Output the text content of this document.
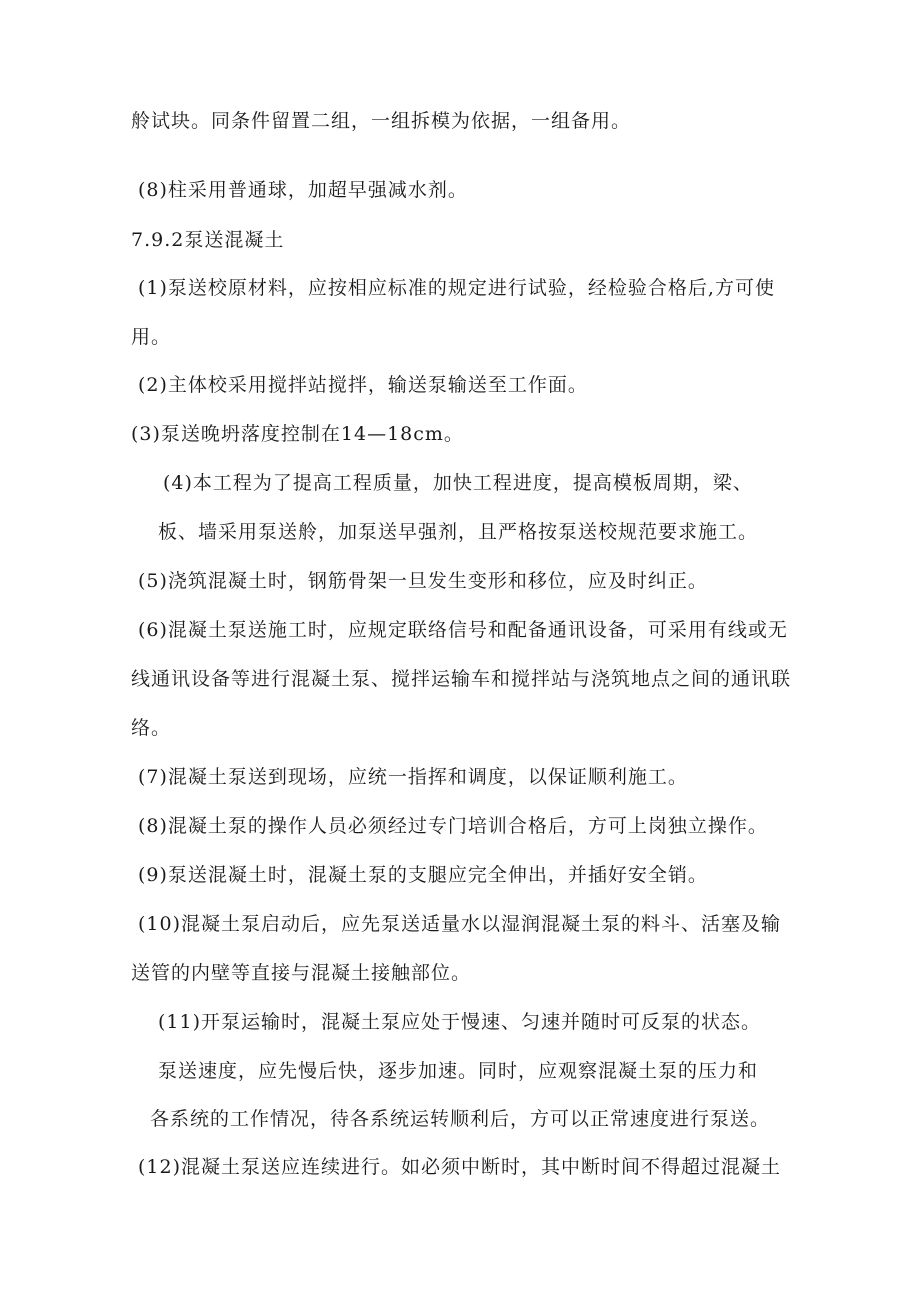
舲试块。同条件留置二组，一组拆模为依据，一组备用。
(8)柱采用普通球，加超早强减水剂。
7.9.2泵送混凝土
(1)泵送校原材料，应按相应标准的规定进行试验，经检验合格后,方可使
用。
(2)主体校采用搅拌站搅拌，输送泵输送至工作面。
(3)泵送晚坍落度控制在14—18cm。
(4)本工程为了提高工程质量，加快工程进度，提高模板周期，梁、
板、墙采用泵送舲，加泵送早强剂，且严格按泵送校规范要求施工。
(5)浇筑混凝土时，钢筋骨架一旦发生变形和移位，应及时纠正。
(6)混凝土泵送施工时，应规定联络信号和配备通讯设备，可采用有线或无
线通讯设备等进行混凝土泵、搅拌运输车和搅拌站与浇筑地点之间的通讯联
络。
(7)混凝土泵送到现场，应统一指挥和调度，以保证顺利施工。
(8)混凝土泵的操作人员必须经过专门培训合格后，方可上岗独立操作。
(9)泵送混凝土时，混凝土泵的支腿应完全伸出，并插好安全销。
(10)混凝土泵启动后，应先泵送适量水以湿润混凝土泵的料斗、活塞及输
送管的内壁等直接与混凝土接触部位。
(11)开泵运输时，混凝土泵应处于慢速、匀速并随时可反泵的状态。
泵送速度，应先慢后快，逐步加速。同时，应观察混凝土泵的压力和
各系统的工作情况，待各系统运转顺利后，方可以正常速度进行泵送。
(12)混凝土泵送应连续进行。如必须中断时，其中断时间不得超过混凝土
